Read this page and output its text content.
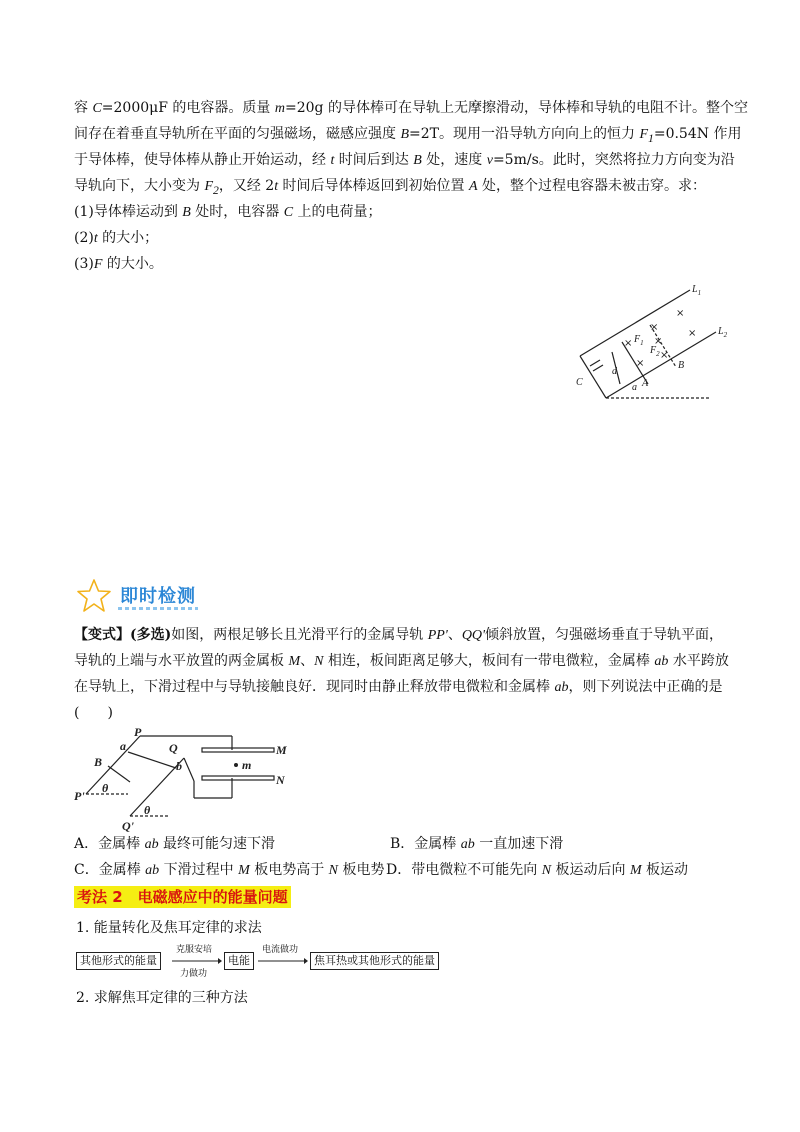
容 C=2000μF 的电容器。质量 m=20g 的导体棒可在导轨上无摩擦滑动，导体棒和导轨的电阻不计。整个空
间存在着垂直导轨所在平面的匀强磁场，磁感应强度 B=2T。现用一沿导轨方向向上的恒力 $F_1=0.54N$ 作用
于导体棒，使导体棒从静止开始运动，经 t 时间后到达 B 处，速度 v=5m/s。此时，突然将拉力方向变为沿
导轨向下，大小变为 $F_2$，又经 2t 时间后导体棒返回到初始位置 A 处，整个过程电容器未被击穿。求：
(1)导体棒运动到 B 处时，电容器 C 上的电荷量；
(2)t 的大小；
(3)F 的大小。
$L_1$
$L_2$
C
d
a A
B
$F_1$
$F_2$
×
×
×
×
×
×
×
即时检测
【变式】(多选)如图，两根足够长且光滑平行的金属导轨 PP'、QQ'倾斜放置，匀强磁场垂直于导轨平面，
导轨的上端与水平放置的两金属板 M、N 相连，板间距离足够大，板间有一带电微粒，金属棒 ab 水平跨放
在导轨上，下滑过程中与导轨接触良好．现同时由静止释放带电微粒和金属棒 ab，则下列说法中正确的是
(　　)
P
Q
a
b
B
P'
Q'
θ
θ
M
N
m
A．金属棒 ab 最终可能匀速下滑	B．金属棒 ab 一直加速下滑
C．金属棒 ab 下滑过程中 M 板电势高于 N 板电势 D．带电微粒不可能先向 N 板运动后向 M 板运动
考法 2　电磁感应中的能量问题
1. 能量转化及焦耳定律的求法
其他形式的能量
克服安培
力做功
电能
电流做功
焦耳热或其他形式的能量
2. 求解焦耳定律的三种方法
